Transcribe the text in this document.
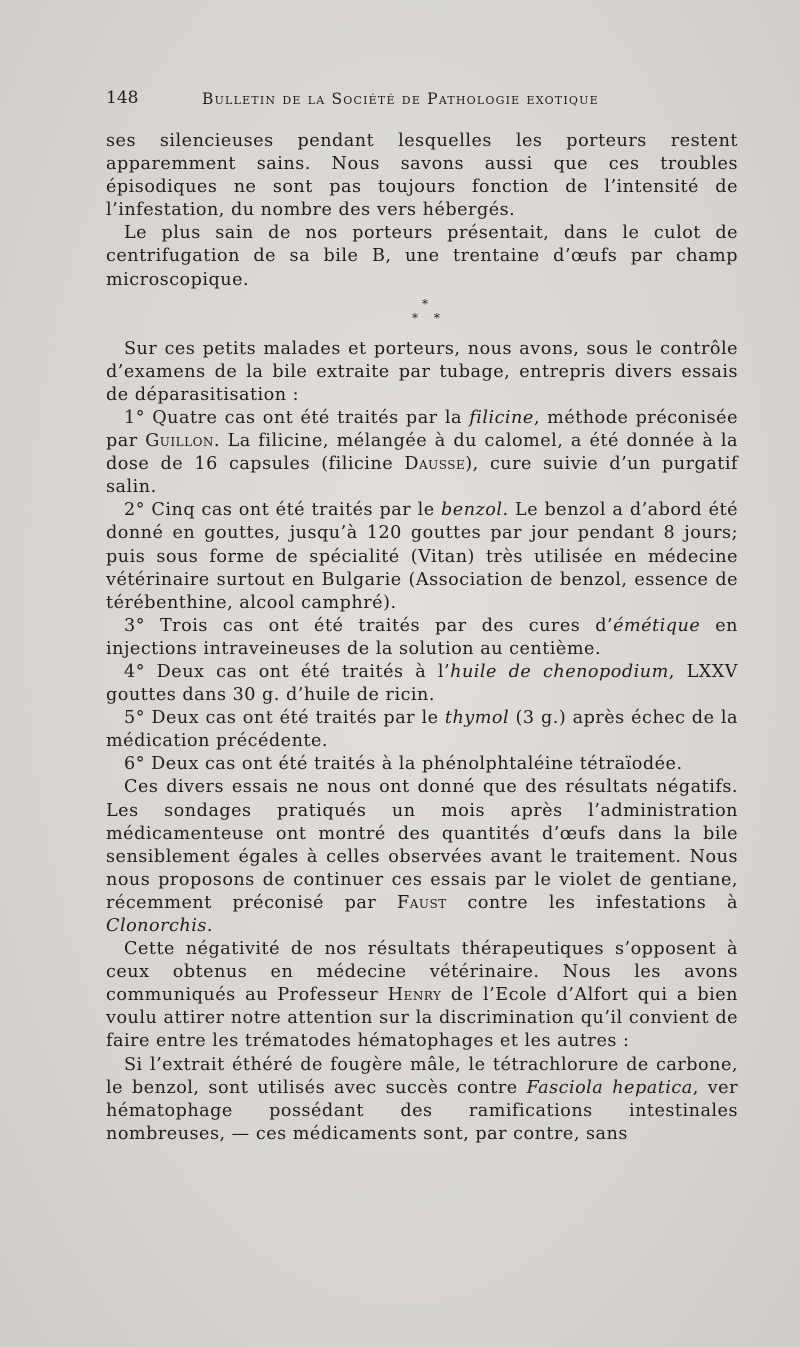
148	Bulletin de la Société de Pathologie exotique

ses silencieuses pendant lesquelles les porteurs restent apparemment sains. Nous savons aussi que ces troubles épisodiques ne sont pas toujours fonction de l’intensité de l’infestation, du nombre des vers hébergés.

Le plus sain de nos porteurs présentait, dans le culot de centrifugation de sa bile B, une trentaine d’œufs par champ microscopique.

*
* *

Sur ces petits malades et porteurs, nous avons, sous le contrôle d’examens de la bile extraite par tubage, entrepris divers essais de déparasitisation :

1° Quatre cas ont été traités par la filicine, méthode préconisée par Guillon. La filicine, mélangée à du calomel, a été donnée à la dose de 16 capsules (filicine Dausse), cure suivie d’un purgatif salin.

2° Cinq cas ont été traités par le benzol. Le benzol a d’abord été donné en gouttes, jusqu’à 120 gouttes par jour pendant 8 jours; puis sous forme de spécialité (Vitan) très utilisée en médecine vétérinaire surtout en Bulgarie (Association de benzol, essence de térébenthine, alcool camphré).

3° Trois cas ont été traités par des cures d’émétique en injections intraveineuses de la solution au centième.

4° Deux cas ont été traités à l’huile de chenopodium, LXXV gouttes dans 30 g. d’huile de ricin.

5° Deux cas ont été traités par le thymol (3 g.) après échec de la médication précédente.

6° Deux cas ont été traités à la phénolphtaléine tétraïodée.

Ces divers essais ne nous ont donné que des résultats négatifs. Les sondages pratiqués un mois après l’administration médicamenteuse ont montré des quantités d’œufs dans la bile sensiblement égales à celles observées avant le traitement. Nous nous proposons de continuer ces essais par le violet de gentiane, récemment préconisé par Faust contre les infestations à Clonorchis.

Cette négativité de nos résultats thérapeutiques s’opposent à ceux obtenus en médecine vétérinaire. Nous les avons communiqués au Professeur Henry de l’Ecole d’Alfort qui a bien voulu attirer notre attention sur la discrimination qu’il convient de faire entre les trématodes hématophages et les autres :

Si l’extrait éthéré de fougère mâle, le tétrachlorure de carbone, le benzol, sont utilisés avec succès contre Fasciola hepatica, ver hématophage possédant des ramifications intestinales nombreuses, — ces médicaments sont, par contre, sans
